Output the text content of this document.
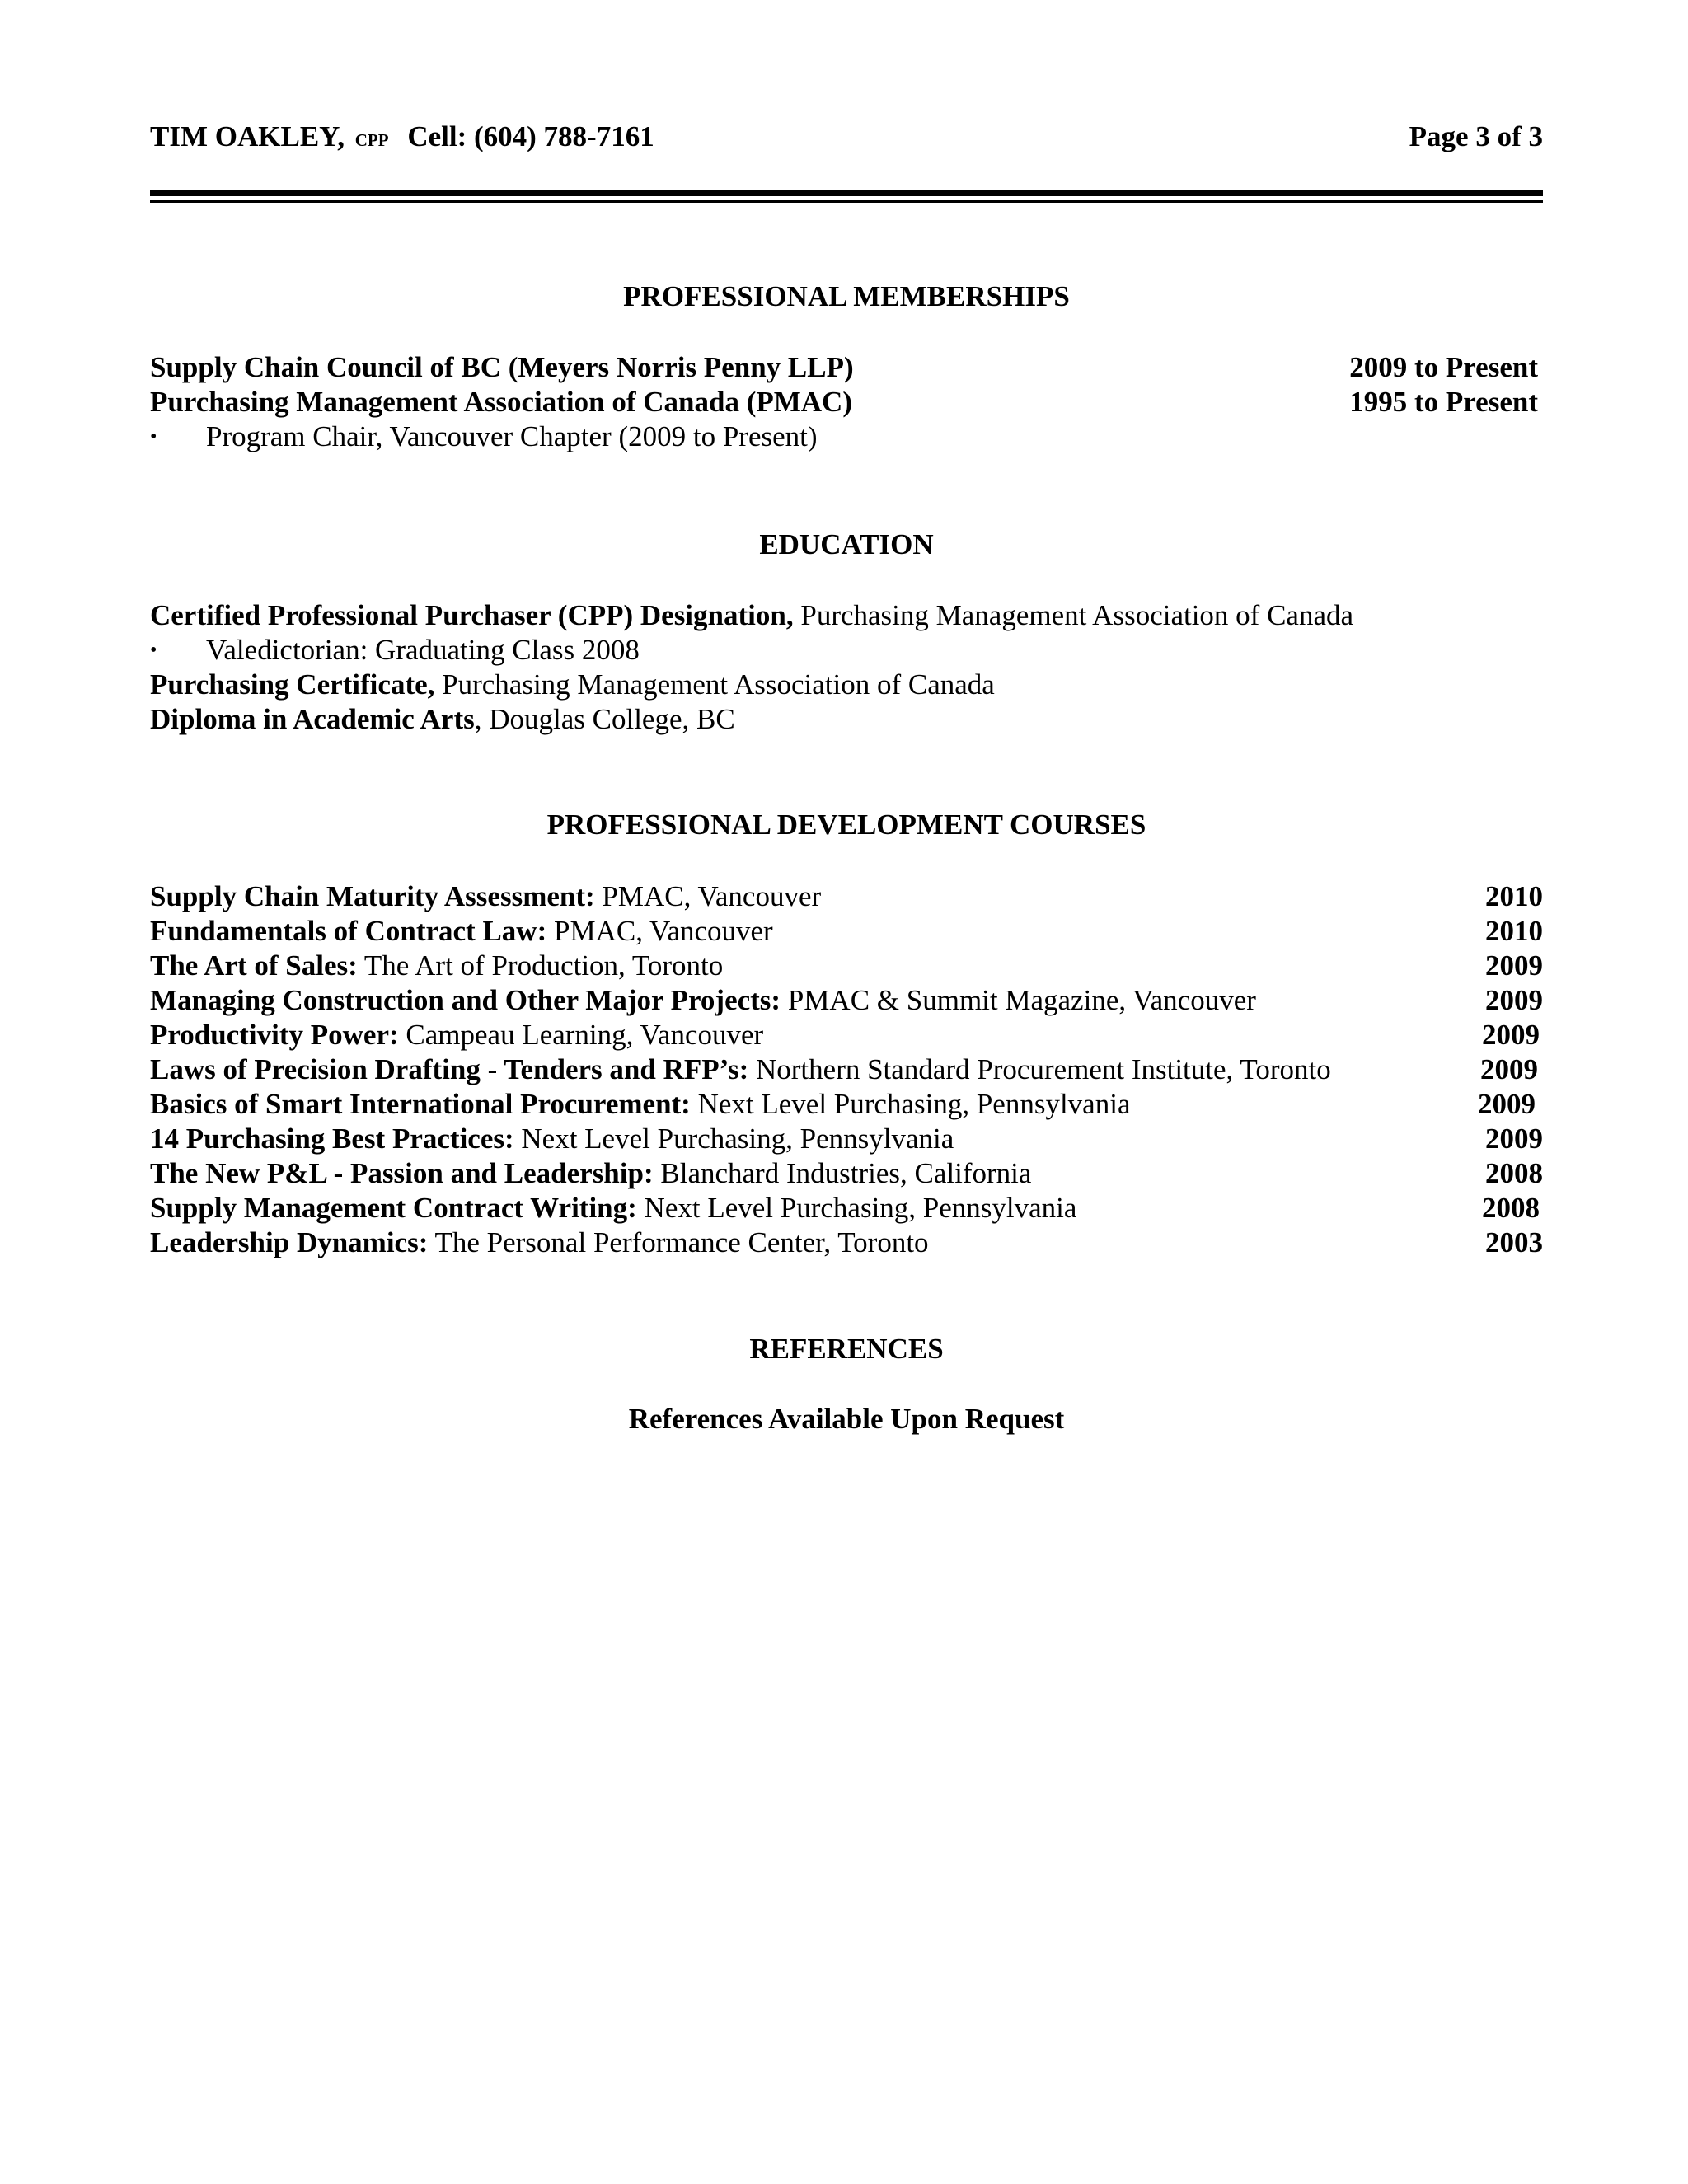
TIM OAKLEY, CPP Cell: (604) 788-7161	Page 3 of 3
PROFESSIONAL MEMBERSHIPS
Supply Chain Council of BC (Meyers Norris Penny LLP)	2009 to Present
Purchasing Management Association of Canada (PMAC)	1995 to Present
• Program Chair, Vancouver Chapter (2009 to Present)
EDUCATION
Certified Professional Purchaser (CPP) Designation, Purchasing Management Association of Canada
• Valedictorian: Graduating Class 2008
Purchasing Certificate, Purchasing Management Association of Canada
Diploma in Academic Arts, Douglas College, BC
PROFESSIONAL DEVELOPMENT COURSES
Supply Chain Maturity Assessment: PMAC, Vancouver	2010
Fundamentals of Contract Law: PMAC, Vancouver	2010
The Art of Sales: The Art of Production, Toronto	2009
Managing Construction and Other Major Projects: PMAC & Summit Magazine, Vancouver	2009
Productivity Power: Campeau Learning, Vancouver	2009
Laws of Precision Drafting - Tenders and RFP’s: Northern Standard Procurement Institute, Toronto	2009
Basics of Smart International Procurement: Next Level Purchasing, Pennsylvania	2009
14 Purchasing Best Practices: Next Level Purchasing, Pennsylvania	2009
The New P&L - Passion and Leadership: Blanchard Industries, California	2008
Supply Management Contract Writing: Next Level Purchasing, Pennsylvania	2008
Leadership Dynamics: The Personal Performance Center, Toronto	2003
REFERENCES
References Available Upon Request
